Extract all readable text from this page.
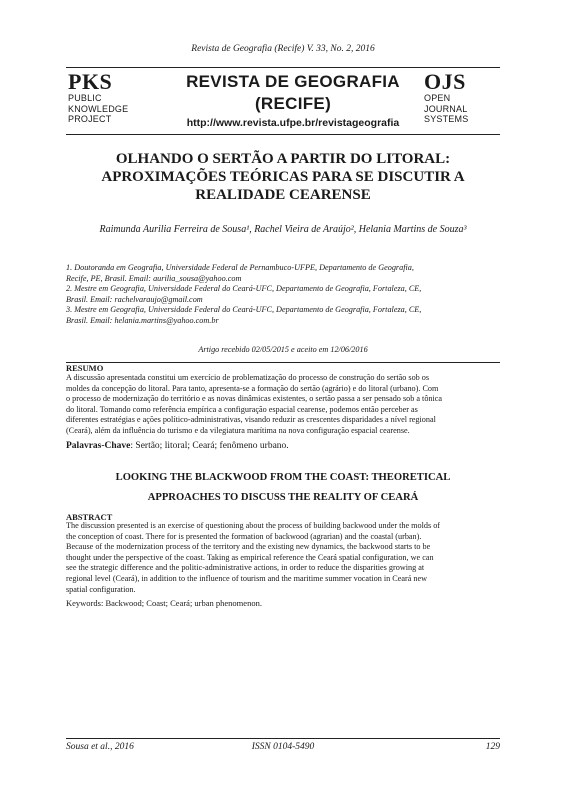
Revista de Geografia (Recife) V. 33, No. 2, 2016
PKS
PUBLIC
KNOWLEDGE
PROJECT
REVISTA DE GEOGRAFIA
(RECIFE)
http://www.revista.ufpe.br/revistageografia
OJS
OPEN
JOURNAL
SYSTEMS
OLHANDO O SERTÃO A PARTIR DO LITORAL:
APROXIMAÇÕES TEÓRICAS PARA SE DISCUTIR A
REALIDADE CEARENSE
Raimunda Aurilia Ferreira de Sousa¹, Rachel Vieira de Araújo², Helania Martins de Souza³
1. Doutoranda em Geografia, Universidade Federal de Pernambuco-UFPE, Departamento de Geografia,
Recife, PE, Brasil. Email: aurilia_sousa@yahoo.com
2. Mestre em Geografia, Universidade Federal do Ceará-UFC, Departamento de Geografia, Fortaleza, CE,
Brasil. Email: rachelvaraujo@gmail.com
3. Mestre em Geografia, Universidade Federal do Ceará-UFC, Departamento de Geografia, Fortaleza, CE,
Brasil. Email: helania.martins@yahoo.com.br
Artigo recebido 02/05/2015 e aceito em 12/06/2016
RESUMO
A discussão apresentada constitui um exercício de problematização do processo de construção do sertão sob os
moldes da concepção do litoral. Para tanto, apresenta-se a formação do sertão (agrário) e do litoral (urbano). Com
o processo de modernização do território e as novas dinâmicas existentes, o sertão passa a ser pensado sob a tônica
do litoral. Tomando como referência empírica a configuração espacial cearense, podemos então perceber as
diferentes estratégias e ações político-administrativas, visando reduzir as crescentes disparidades a nível regional
(Ceará), além da influência do turismo e da vilegiatura marítima na nova configuração espacial cearense.
Palavras-Chave: Sertão; litoral; Ceará; fenômeno urbano.
LOOKING THE BLACKWOOD FROM THE COAST: THEORETICAL
APPROACHES TO DISCUSS THE REALITY OF CEARÁ
ABSTRACT
The discussion presented is an exercise of questioning about the process of building backwood under the molds of
the conception of coast. There for is presented the formation of backwood (agrarian) and the coastal (urban).
Because of the modernization process of the territory and the existing new dynamics, the backwood starts to be
thought under the perspective of the coast. Taking as empirical reference the Ceará spatial configuration, we can
see the strategic difference and the politic-administrative actions, in order to reduce the disparities growing at
regional level (Ceará), in addition to the influence of tourism and the maritime summer vocation in Ceará new
spatial configuration.
Keywords: Backwood; Coast; Ceará; urban phenomenon.
Sousa et al., 2016	ISSN 0104-5490	129
